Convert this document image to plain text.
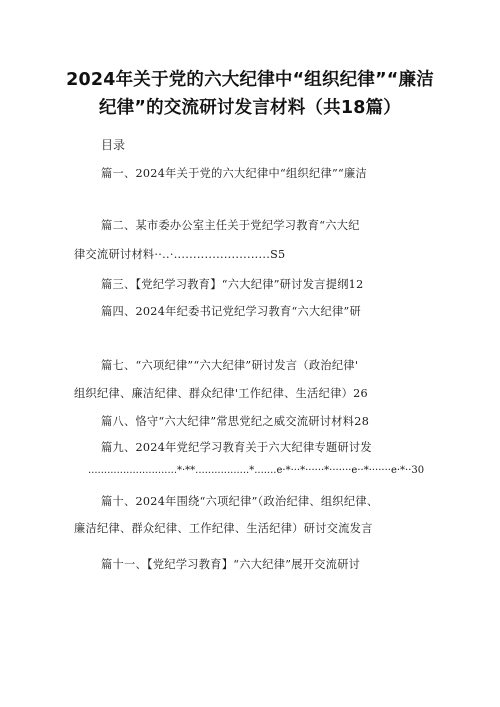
2024年关于党的六大纪律中“组织纪律”“廉洁纪律”的交流研讨发言材料（共18篇）
目录
篇一、2024年关于党的六大纪律中“组织纪律”“廉洁
篇二、某市委办公室主任关于党纪学习教育“六大纪
律交流研讨材料··..·.........................S5
篇三、【党纪学习教育】“六大纪律”研讨发言提纲12
篇四、2024年纪委书记党纪学习教育“六大纪律”研
篇七、“六项纪律”“六大纪律”研讨发言（政治纪律'
组织纪律、廉洁纪律、群众纪律'工作纪律、生活纪律）26
篇八、恪守“六大纪律”常思党纪之威交流研讨材料28
篇九、2024年党纪学习教育关于六大纪律专题研讨发
............................*·**.................*.......e·*···*······*·······e··*·······e·*··30
篇十、2024年围绕“六项纪律”（政治纪律、组织纪律、
廉洁纪律、群众纪律、工作纪律、生活纪律）研讨交流发言
篇十一、【党纪学习教育】“六大纪律”展开交流研讨
